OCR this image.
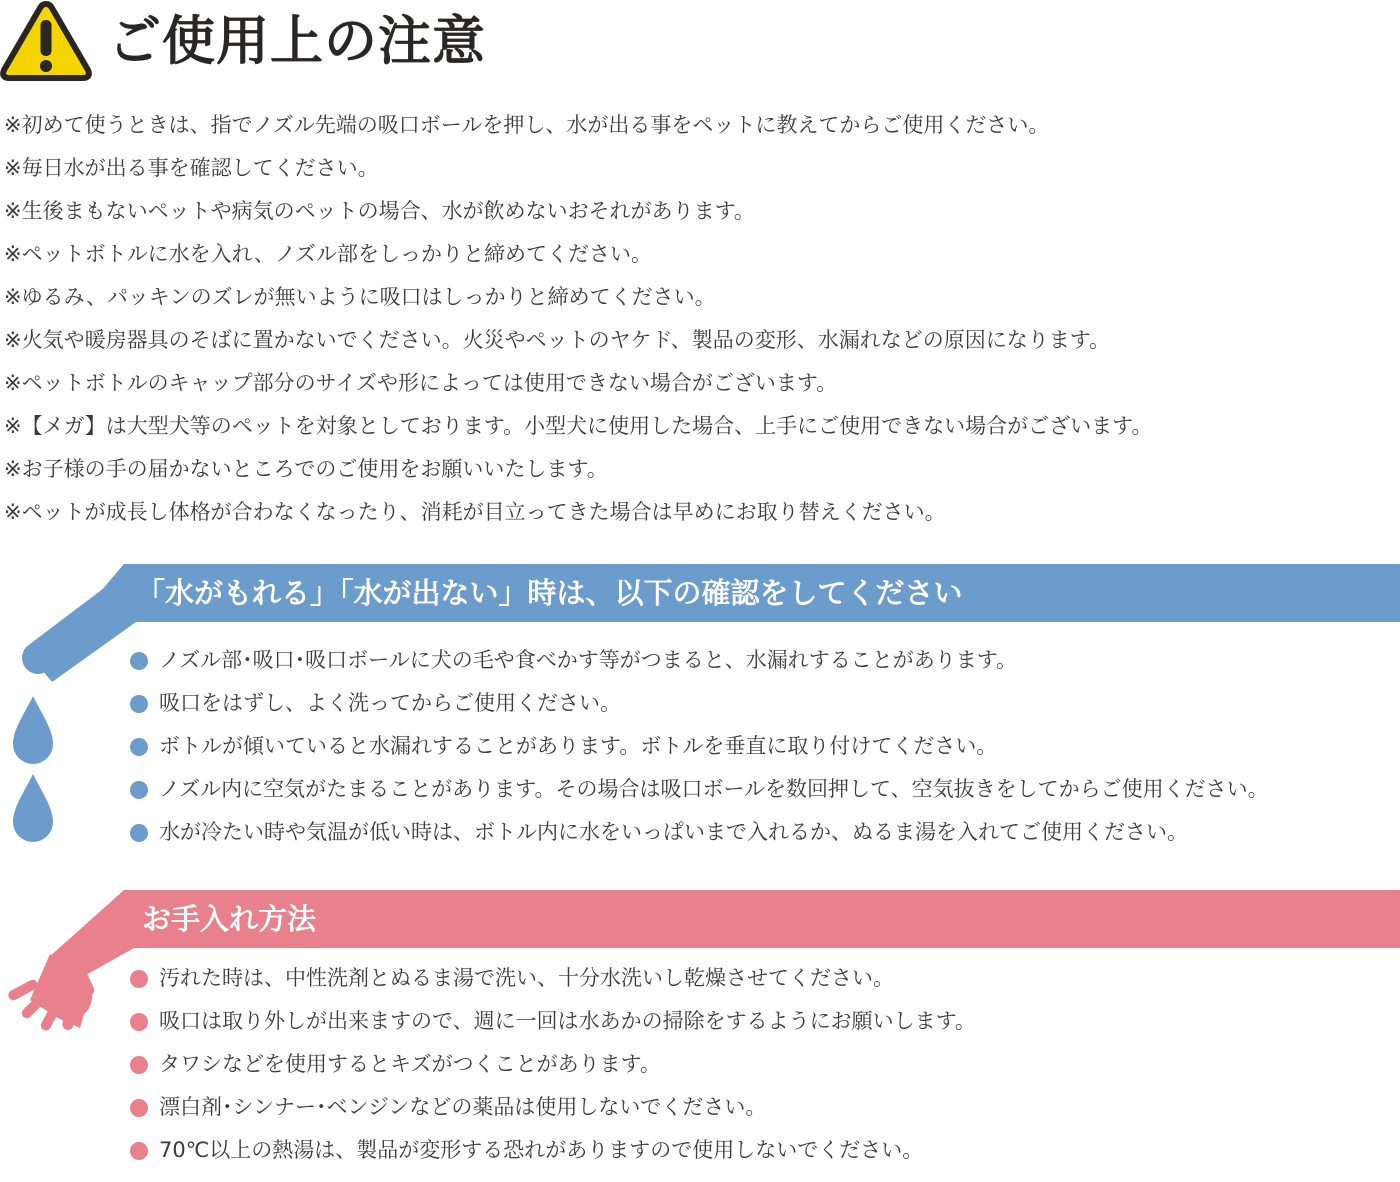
ご使用上の注意
※初めて使うときは、指でノズル先端の吸口ボールを押し、水が出る事をペットに教えてからご使用ください。
※毎日水が出る事を確認してください。
※生後まもないペットや病気のペットの場合、水が飲めないおそれがあります。
※ペットボトルに水を入れ、ノズル部をしっかりと締めてください。
※ゆるみ、パッキンのズレが無いように吸口はしっかりと締めてください。
※火気や暖房器具のそばに置かないでください。火災やペットのヤケド、製品の変形、水漏れなどの原因になります。
※ペットボトルのキャップ部分のサイズや形によっては使用できない場合がございます。
※【メガ】は大型犬等のペットを対象としております。小型犬に使用した場合、上手にご使用できない場合がございます。
※お子様の手の届かないところでのご使用をお願いいたします。
※ペットが成長し体格が合わなくなったり、消耗が目立ってきた場合は早めにお取り替えください。
「水がもれる」「水が出ない」時は、以下の確認をしてください
ノズル部･吸口･吸口ボールに犬の毛や食べかす等がつまると、水漏れすることがあります。
吸口をはずし、よく洗ってからご使用ください。
ボトルが傾いていると水漏れすることがあります。ボトルを垂直に取り付けてください。
ノズル内に空気がたまることがあります。その場合は吸口ボールを数回押して、空気抜きをしてからご使用ください。
水が冷たい時や気温が低い時は、ボトル内に水をいっぱいまで入れるか、ぬるま湯を入れてご使用ください。
お手入れ方法
汚れた時は、中性洗剤とぬるま湯で洗い、十分水洗いし乾燥させてください。
吸口は取り外しが出来ますので、週に一回は水あかの掃除をするようにお願いします。
タワシなどを使用するとキズがつくことがあります。
漂白剤･シンナー･ベンジンなどの薬品は使用しないでください。
70℃以上の熱湯は、製品が変形する恐れがありますので使用しないでください。
